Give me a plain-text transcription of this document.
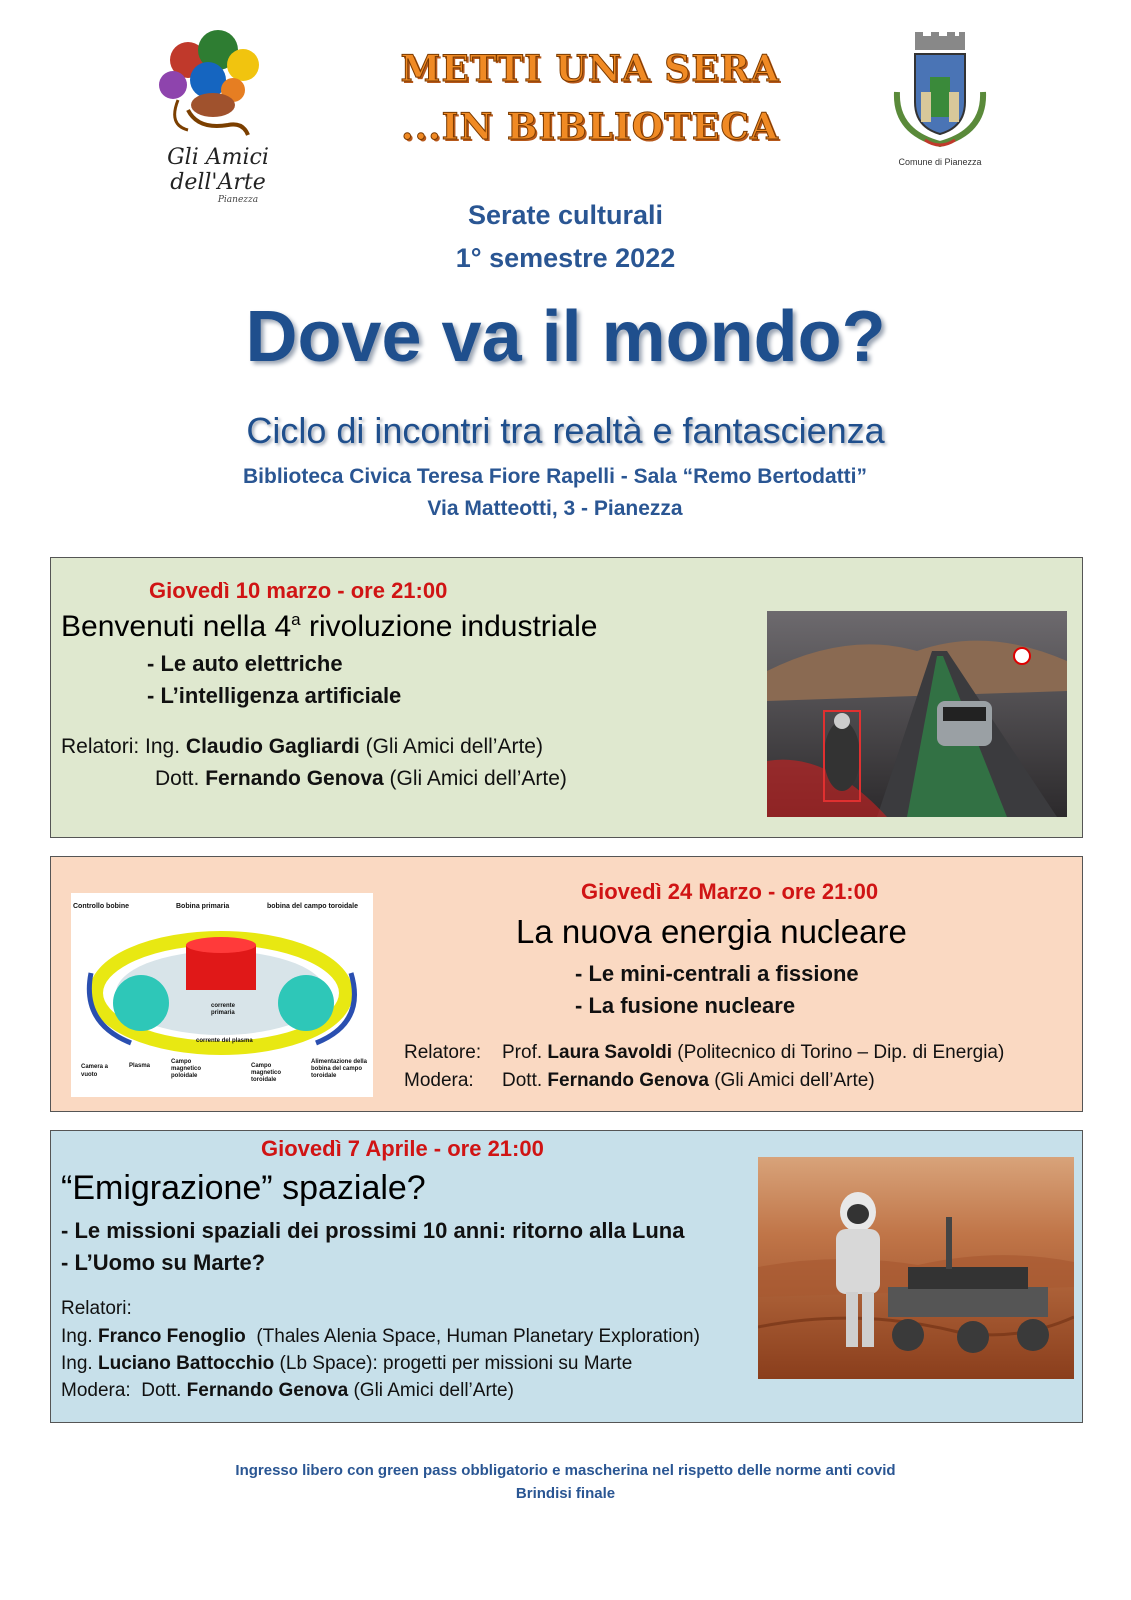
Gli Amici dell'Arte
Pianezza
METTI UNA SERA
...IN BIBLIOTECA
Comune di Pianezza
Serate culturali
1° semestre 2022
Dove va il mondo?
Ciclo di incontri tra realtà e fantascienza
Biblioteca Civica Teresa Fiore Rapelli - Sala “Remo Bertodatti”
Via Matteotti, 3 - Pianezza
Giovedì 10 marzo - ore 21:00
Benvenuti nella 4$^a$ rivoluzione industriale
- Le auto elettriche
- L’intelligenza artificiale
Relatori: Ing. Claudio Gagliardi (Gli Amici dell’Arte)
Dott. Fernando Genova (Gli Amici dell’Arte)
Controllo bobine	Bobina primaria	bobina del campo toroidale
corrente primaria
corrente del plasma
Camera a vuoto
Plasma
Campo magnetico poloidale
Campo magnetico toroidale
Alimentazione della bobina del campo toroidale
Giovedì 24 Marzo - ore 21:00
La nuova energia nucleare
- Le mini-centrali a fissione
- La fusione nucleare
Relatore: Prof. Laura Savoldi (Politecnico di Torino – Dip. di Energia)
Modera: Dott. Fernando Genova (Gli Amici dell’Arte)
Giovedì 7 Aprile - ore 21:00
“Emigrazione” spaziale?
- Le missioni spaziali dei prossimi 10 anni: ritorno alla Luna
- L’Uomo su Marte?
Relatori:
Ing. Franco Fenoglio  (Thales Alenia Space, Human Planetary Exploration)
Ing. Luciano Battocchio (Lb Space): progetti per missioni su Marte
Modera:  Dott. Fernando Genova (Gli Amici dell’Arte)
Ingresso libero con green pass obbligatorio e mascherina nel rispetto delle norme anti covid
Brindisi finale
